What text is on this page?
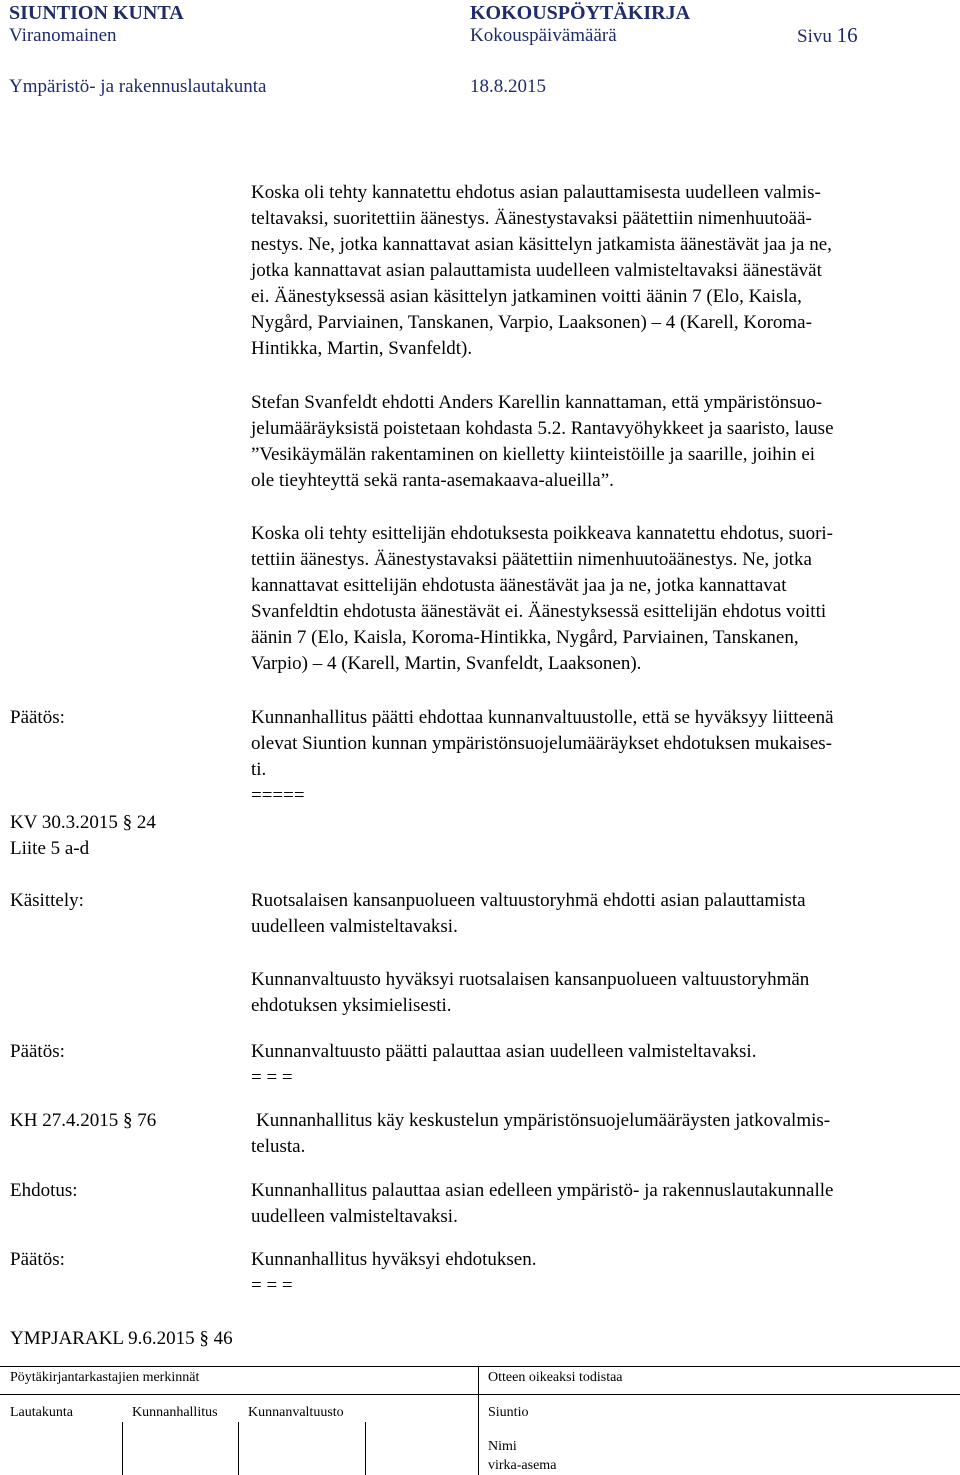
SIUNTION KUNTA	KOKOUSPÖYTÄKIRJA
Viranomainen	Kokouspäivämäärä	Sivu 16
Ympäristö- ja rakennuslautakunta	18.8.2015
Koska oli tehty kannatettu ehdotus asian palauttamisesta uudelleen valmis-
teltavaksi, suoritettiin äänestys. Äänestystavaksi päätettiin nimenhuutoää-
nestys. Ne, jotka kannattavat asian käsittelyn jatkamista äänestävät jaa ja ne,
jotka kannattavat asian palauttamista uudelleen valmisteltavaksi äänestävät
ei. Äänestyksessä asian käsittelyn jatkaminen voitti äänin 7 (Elo, Kaisla,
Nygård, Parviainen, Tanskanen, Varpio, Laaksonen) – 4 (Karell, Koroma-
Hintikka, Martin, Svanfeldt).
Stefan Svanfeldt ehdotti Anders Karellin kannattaman, että ympäristönsuo-
jelumääräyksistä poistetaan kohdasta 5.2. Rantavyöhykkeet ja saaristo, lause
”Vesikäymälän rakentaminen on kielletty kiinteistöille ja saarille, joihin ei
ole tieyhteyttä sekä ranta-asemakaava-alueilla”.
Koska oli tehty esittelijän ehdotuksesta poikkeava kannatettu ehdotus, suori-
tettiin äänestys. Äänestystavaksi päätettiin nimenhuutoäänestys. Ne, jotka
kannattavat esittelijän ehdotusta äänestävät jaa ja ne, jotka kannattavat
Svanfeldtin ehdotusta äänestävät ei. Äänestyksessä esittelijän ehdotus voitti
äänin 7 (Elo, Kaisla, Koroma-Hintikka, Nygård, Parviainen, Tanskanen,
Varpio) – 4 (Karell, Martin, Svanfeldt, Laaksonen).
Päätös:	Kunnanhallitus päätti ehdottaa kunnanvaltuustolle, että se hyväksyy liitteenä
olevat Siuntion kunnan ympäristönsuojelumääräykset ehdotuksen mukaises-
ti.
=====
KV 30.3.2015 § 24
Liite 5 a-d
Käsittely:	Ruotsalaisen kansanpuolueen valtuustoryhmä ehdotti asian palauttamista
uudelleen valmisteltavaksi.
Kunnanvaltuusto hyväksyi ruotsalaisen kansanpuolueen valtuustoryhmän
ehdotuksen yksimielisesti.
Päätös:	Kunnanvaltuusto päätti palauttaa asian uudelleen valmisteltavaksi.
= = =
KH 27.4.2015 § 76	Kunnanhallitus käy keskustelun ympäristönsuojelumääräysten jatkovalmis-
telusta.
Ehdotus:	Kunnanhallitus palauttaa asian edelleen ympäristö- ja rakennuslautakunnalle
uudelleen valmisteltavaksi.
Päätös:	Kunnanhallitus hyväksyi ehdotuksen.
= = =
YMPJARAKL 9.6.2015 § 46
Pöytäkirjantarkastajien merkinnät	Otteen oikeaksi todistaa
Lautakunta	Kunnanhallitus Kunnanvaltuusto	Siuntio
Nimi
virka-asema
